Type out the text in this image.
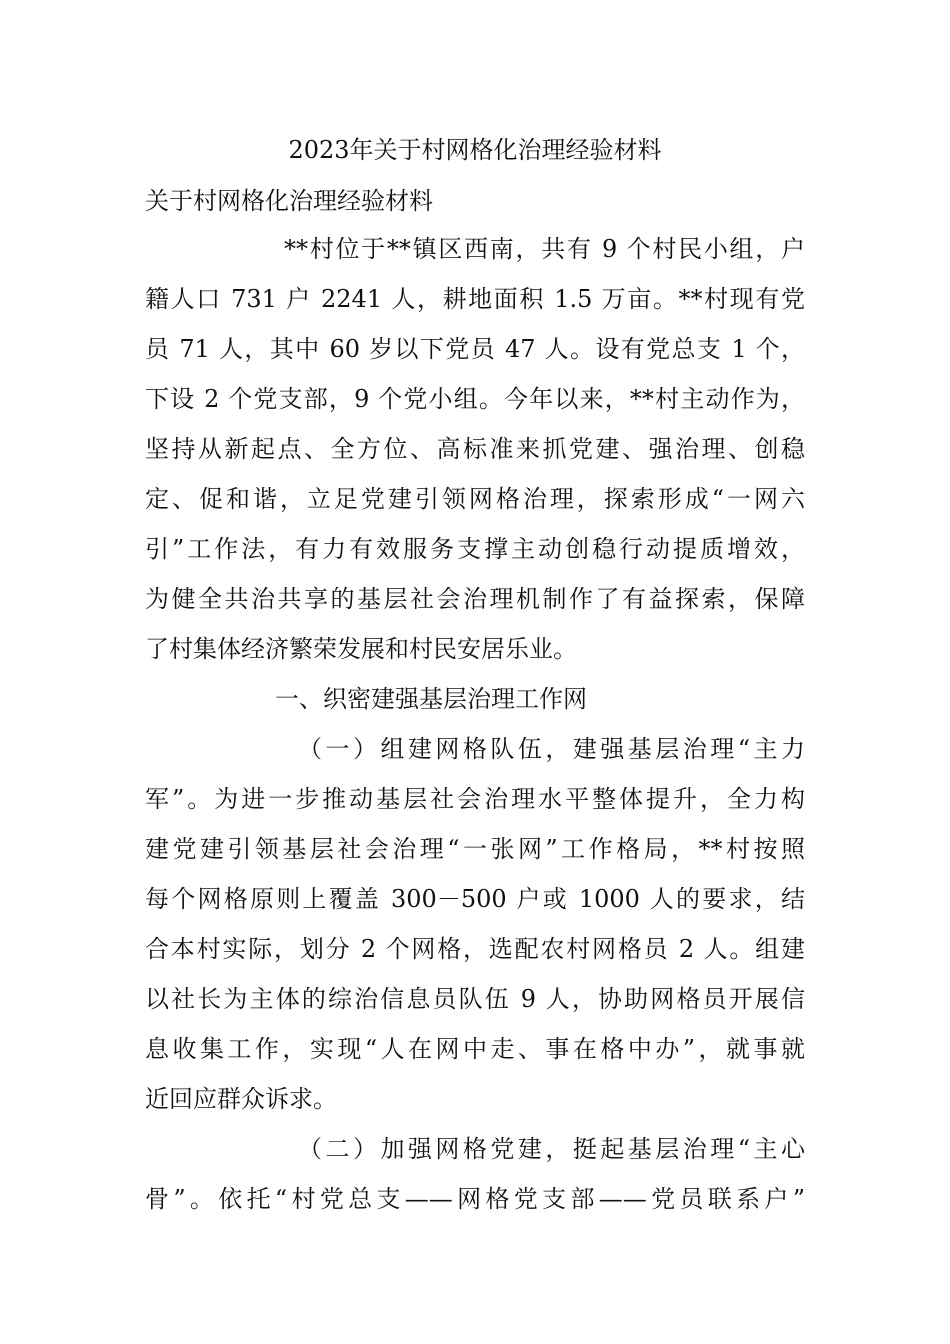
2023年关于村网格化治理经验材料
关于村网格化治理经验材料
**村位于**镇区西南，共有 9 个村民小组，户
籍人口 731 户 2241 人，耕地面积 1.5 万亩。**村现有党
员 71 人，其中 60 岁以下党员 47 人。设有党总支 1 个，
下设 2 个党支部，9 个党小组。今年以来，**村主动作为，
坚持从新起点、全方位、高标准来抓党建、强治理、创稳
定、促和谐，立足党建引领网格治理，探索形成“一网六
引”工作法，有力有效服务支撑主动创稳行动提质增效，
为健全共治共享的基层社会治理机制作了有益探索，保障
了村集体经济繁荣发展和村民安居乐业。
一、织密建强基层治理工作网
（一）组建网格队伍，建强基层治理“主力
军”。为进一步推动基层社会治理水平整体提升，全力构
建党建引领基层社会治理“一张网”工作格局，**村按照
每个网格原则上覆盖 300－500 户或 1000 人的要求，结
合本村实际，划分 2 个网格，选配农村网格员 2 人。组建
以社长为主体的综治信息员队伍 9 人，协助网格员开展信
息收集工作，实现“人在网中走、事在格中办”，就事就
近回应群众诉求。
（二）加强网格党建，挺起基层治理“主心
骨”。依托“村党总支——网格党支部——党员联系户”
